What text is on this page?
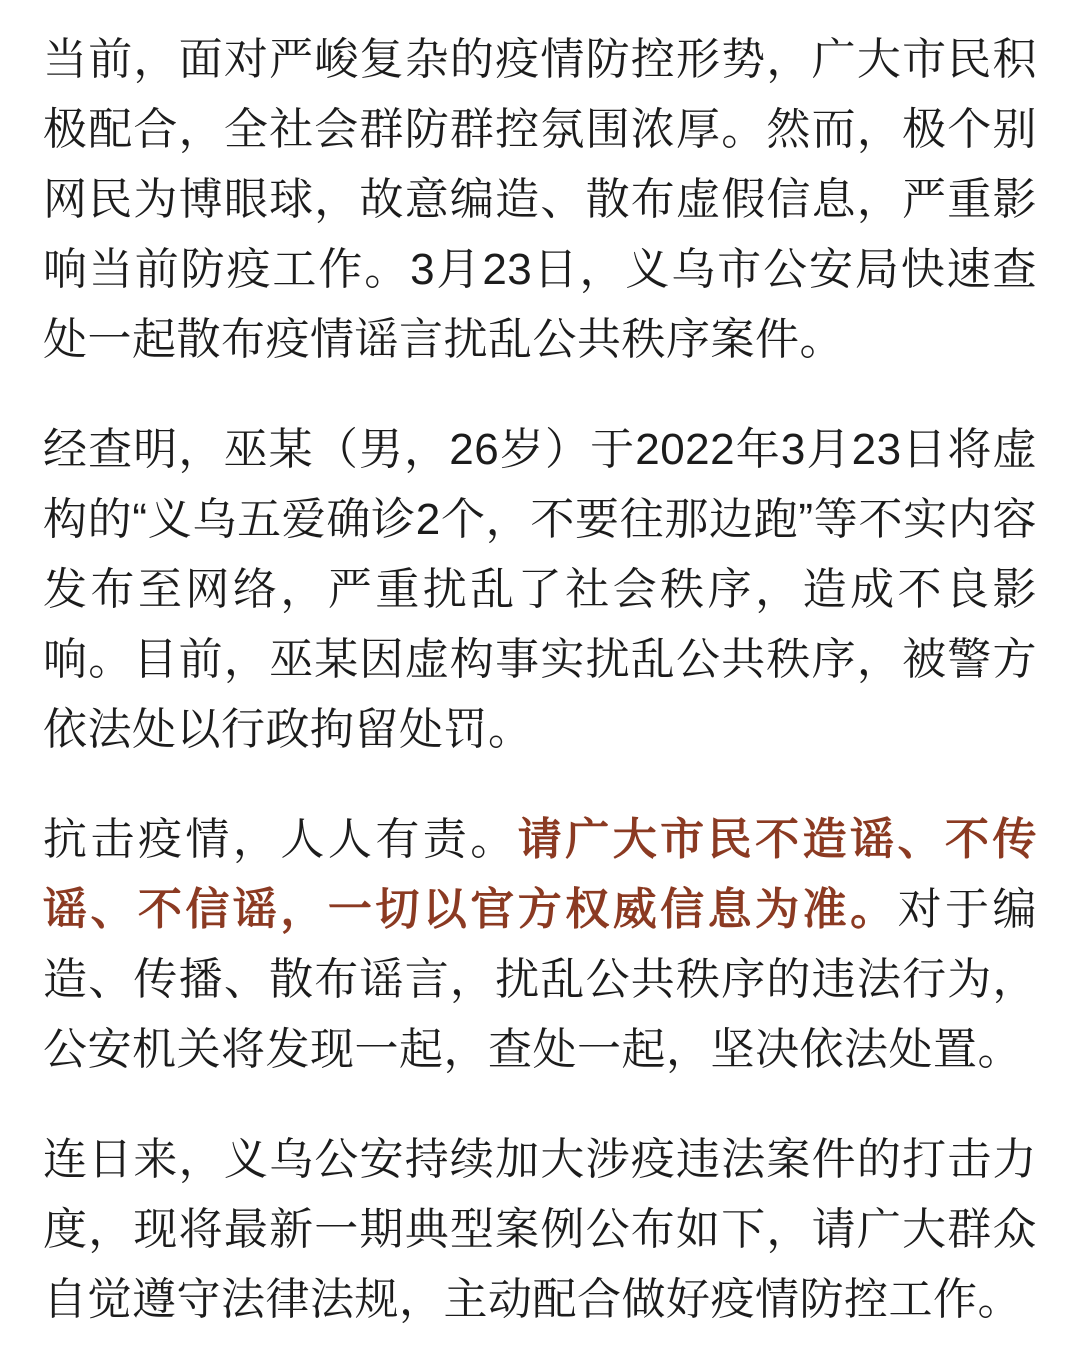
当前，面对严峻复杂的疫情防控形势，广大市民积极配合，全社会群防群控氛围浓厚。然而，极个别网民为博眼球，故意编造、散布虚假信息，严重影响当前防疫工作。3月23日，义乌市公安局快速查处一起散布疫情谣言扰乱公共秩序案件。

经查明，巫某（男，26岁）于2022年3月23日将虚构的“义乌五爱确诊2个，不要往那边跑”等不实内容发布至网络，严重扰乱了社会秩序，造成不良影响。目前，巫某因虚构事实扰乱公共秩序，被警方依法处以行政拘留处罚。

抗击疫情，人人有责。请广大市民不造谣、不传谣、不信谣，一切以官方权威信息为准。对于编造、传播、散布谣言，扰乱公共秩序的违法行为，公安机关将发现一起，查处一起，坚决依法处置。

连日来，义乌公安持续加大涉疫违法案件的打击力度，现将最新一期典型案例公布如下，请广大群众自觉遵守法律法规，主动配合做好疫情防控工作。
